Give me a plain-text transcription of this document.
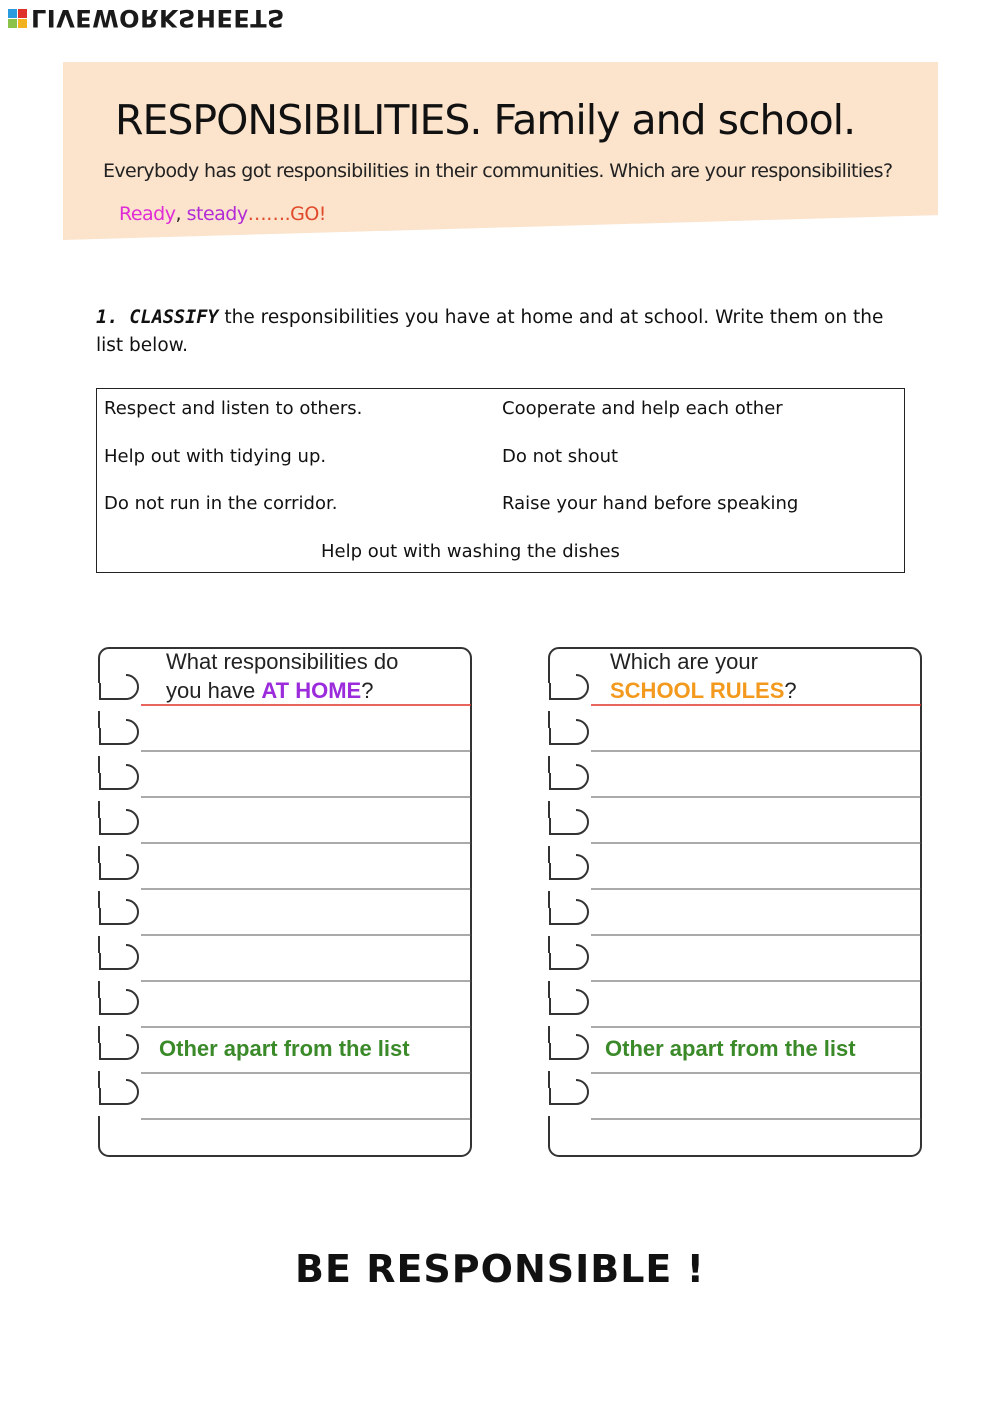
LIVEWORKSHEETS
RESPONSIBILITIES. Family and school.
Everybody has got responsibilities in their communities. Which are your responsibilities?
Ready, steady…….GO!
1. CLASSIFY the responsibilities you have at home and at school. Write them on the list below.
Respect and listen to others.	Cooperate and help each other
Help out with tidying up.	Do not shout
Do not run in the corridor.	Raise your hand before speaking
Help out with washing the dishes
What responsibilities do
you have AT HOME?
Other apart from the list
Which are your
SCHOOL RULES?
Other apart from the list
BE RESPONSIBLE !
